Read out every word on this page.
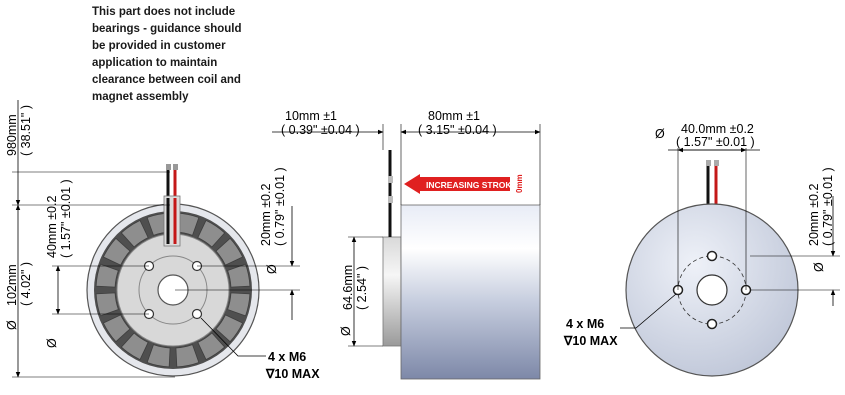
This part does not include bearings - guidance should be provided in customer application to maintain clearance between coil and magnet assembly
980mm ( 38.51" )
102mm ( 4.02" )
Ø
40mm ±0.2 ( 1.57" ±0.01 )
Ø
20mm ±0.2 ( 0.79" ±0.01 )
Ø
4 x M6
∇10 MAX
INCREASING STROKE
0mm
10mm ±1
( 0.39" ±0.04 )
80mm ±1
( 3.15" ±0.04 )
64.6mm ( 2.54" )
Ø
Ø 40.0mm ±0.2
( 1.57" ±0.01 )
20mm ±0.2 ( 0.79" ±0.01 )
Ø
4 x M6
∇10 MAX
